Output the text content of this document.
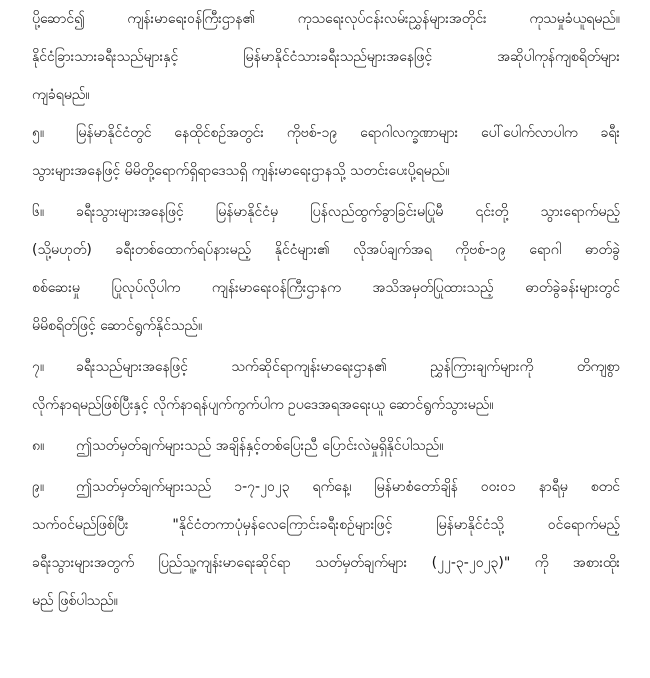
ပို့ဆောင်၍ ကျန်းမာရေးဝန်ကြီးဌာန၏ ကုသရေးလုပ်ငန်းလမ်းညွှန်များအတိုင်း ကုသမှုခံယူရမည်။
နိုင်ငံခြားသားခရီးသည်များနှင့် မြန်မာနိုင်ငံသားခရီးသည်များအနေဖြင့် အဆိုပါကုန်ကျစရိတ်များ
ကျခံရမည်။
၅။ မြန်မာနိုင်ငံတွင် နေထိုင်စဉ်အတွင်း ကိုဗစ်-၁၉ ရောဂါလက္ခဏာများ ပေါ်ပေါက်လာပါက ခရီး
သွားများအနေဖြင့် မိမိတို့ရောက်ရှိရာဒေသရှိ ကျန်းမာရေးဌာနသို့ သတင်းပေးပို့ရမည်။
၆။ ခရီးသွားများအနေဖြင့် မြန်မာနိုင်ငံမှ ပြန်လည်ထွက်ခွာခြင်းမပြုမီ ၎င်းတို့ သွားရောက်မည့်
(သို့မဟုတ်) ခရီးတစ်ထောက်ရပ်နားမည့် နိုင်ငံများ၏ လိုအပ်ချက်အရ ကိုဗစ်-၁၉ ရောဂါ ဓာတ်ခွဲ
စစ်ဆေးမှု ပြုလုပ်လိုပါက ကျန်းမာရေးဝန်ကြီးဌာနက အသိအမှတ်ပြုထားသည့် ဓာတ်ခွဲခန်းများတွင်
မိမိစရိတ်ဖြင့် ဆောင်ရွက်နိုင်သည်။
၇။ ခရီးသည်များအနေဖြင့် သက်ဆိုင်ရာကျန်းမာရေးဌာန၏ ညွှန်ကြားချက်များကို တိကျစွာ
လိုက်နာရမည်ဖြစ်ပြီးနှင့် လိုက်နာရန်ပျက်ကွက်ပါက ဥပဒေအရအရေးယူ ဆောင်ရွက်သွားမည်။
၈။ ဤသတ်မှတ်ချက်များသည် အချိန်နှင့်တစ်ပြေးညီ ပြောင်းလဲမှုရှိနိုင်ပါသည်။
၉။ ဤသတ်မှတ်ချက်များသည် ၁-၇-၂၀၂၃ ရက်နေ့၊ မြန်မာစံတော်ချိန် ၀၀း၀၁ နာရီမှ စတင်
သက်ဝင်မည်ဖြစ်ပြီး "နိုင်ငံတကာပုံမှန်လေကြောင်းခရီးစဉ်များဖြင့် မြန်မာနိုင်ငံသို့ ဝင်ရောက်မည့်
ခရီးသွားများအတွက် ပြည်သူ့ကျန်းမာရေးဆိုင်ရာ သတ်မှတ်ချက်များ (၂၂-၃-၂၀၂၃)" ကို အစားထိုး
မည် ဖြစ်ပါသည်။
